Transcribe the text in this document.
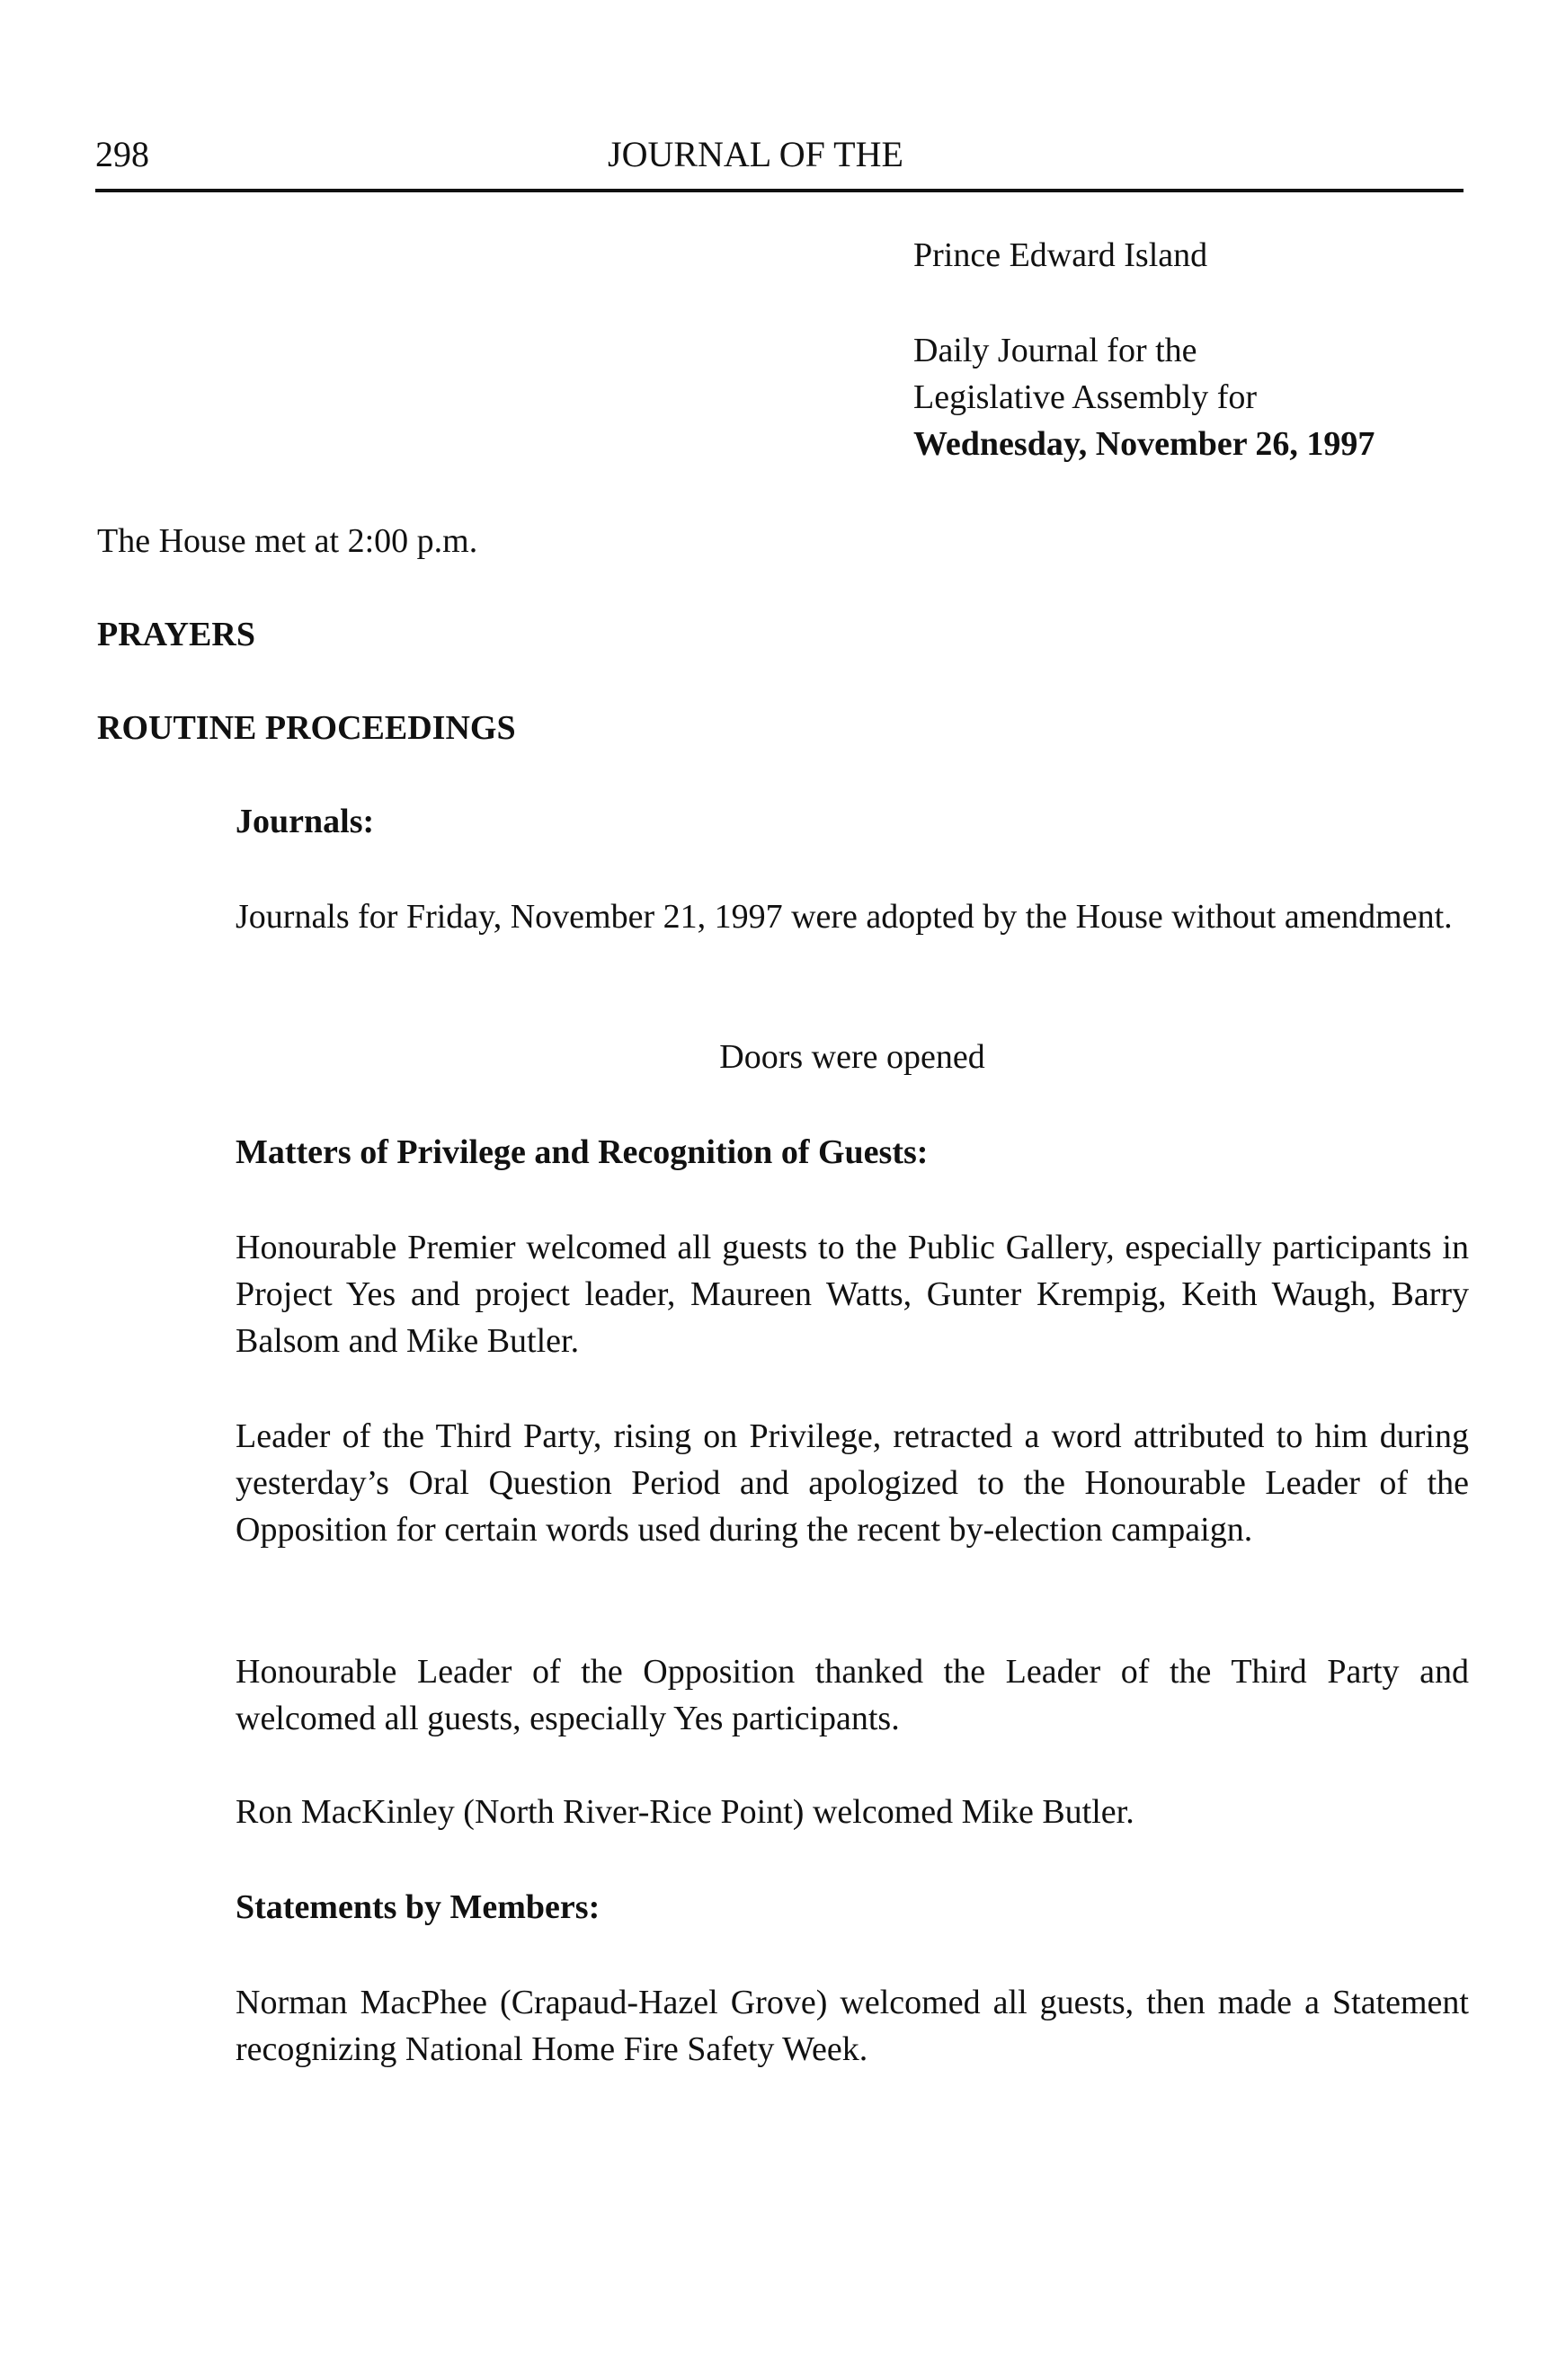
298	JOURNAL OF THE

Prince Edward Island

Daily Journal for the

Legislative Assembly for

Wednesday, November 26, 1997

The House met at 2:00 p.m.

PRAYERS

ROUTINE PROCEEDINGS

Journals:

Journals for Friday, November 21, 1997 were adopted by the House without amendment.

Doors were opened

Matters of Privilege and Recognition of Guests:

Honourable Premier welcomed all guests to the Public Gallery, especially participants in Project Yes and project leader, Maureen Watts, Gunter Krempig, Keith Waugh, Barry Balsom and Mike Butler.

Leader of the Third Party, rising on Privilege, retracted a word attributed to him during yesterday’s Oral Question Period and apologized to the Honourable Leader of the Opposition for certain words used during the recent by-election campaign.

Honourable Leader of the Opposition thanked the Leader of the Third Party and welcomed all guests, especially Yes participants.

Ron MacKinley (North River-Rice Point) welcomed Mike Butler.

Statements by Members:

Norman MacPhee (Crapaud-Hazel Grove) welcomed all guests, then made a Statement recognizing National Home Fire Safety Week.
